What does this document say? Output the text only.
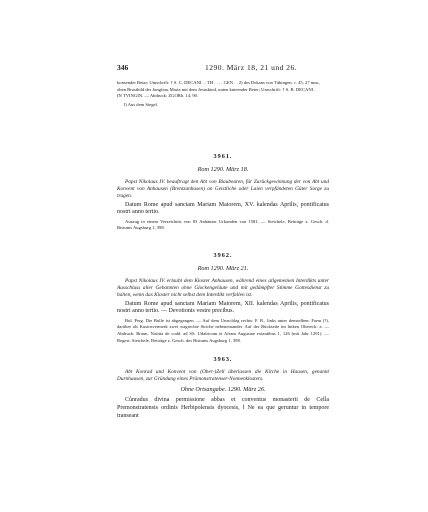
346	1290. März 18, 21 und 26.

konsender Betar; Umschrift: † S. C. DECANI . . TH . . . . GEN . . 2) des Dekans von Tübingen, c. 45, 27 mm.,

oben Brustbild der Jungfrau Maria mit dem Jesuskind, unten knieender Beter; Umschrift: † S. B. DECANI .

IN TVINGIN. — Abdruck: ZGORh. 14, 90.

1) Aus dem Siegel.

3961.
Rom 1290. März 18.

Papst Nikolaus IV. beauftragt den Abt von Blaubeuren, für Zurückgewinnung der von Abt und Konvent von Anhausen (Brentzanhusen) an Geistliche oder Laien verpfändeten Güter Sorge zu tragen.

Datum Rome apud sanctam Mariam Maiorem, XV. kalendas Aprilis, pontificatus nostri anno tertio.

Auszug in einem Verzeichnis von 83 Anhäuser Urkunden von 1581. — Steichele, Beiträge z. Gesch. d. Bistums Augsburg 1, 398.

3962.
Rom 1290. März 21.

Papst Nikolaus IV. erlaubt dem Kloster Anhausen, während eines allgemeinen Interdikts unter Ausschluss aller Gebannten ohne Glockengeläute und mit gedämpfter Stimme Gottesdienst zu halten, wenn das Kloster nicht selbst dem Interdikt verfallen ist.

Datum Rome apud sanctam Mariam Maiorem, XII. kalendas Aprilis, pontificatus nostri anno tertio. — Devotionis vestre precibus.

Bul. Perg. Die Bulle ist abgegangen. — Auf dem Umschlag rechts: F. R., links unter demselben: Farm (?), darüber als Kustosvermerk zwei wagrechte Striche nebeneinander. Auf der Rückseite im linken Obereck: a. — Abdruck: Braun, Notitia de codd. ad SS. Udalricum et Afram Augustae extantibus 1, 126 (mit Jahr 1291). — Regest: Steichele, Beiträge z. Gesch. des Bistums Augsburg 1, 398.

3963.

Abt Konrad und Konvent von (Ober-)Zell überlassen die Kirche in Hausen, genannt Durnhausen, zur Gründung eines Prämonstratenser-Nonnenklosters.

Ohne Ortsangabe. 1290. März 26.

Cůnradus divina permissione abbas et conventus monasterii de Cella Premonstratensis ordinis Herbipolensis dyocesis, ‖ Ne ea que geruntur in tempore transeant
